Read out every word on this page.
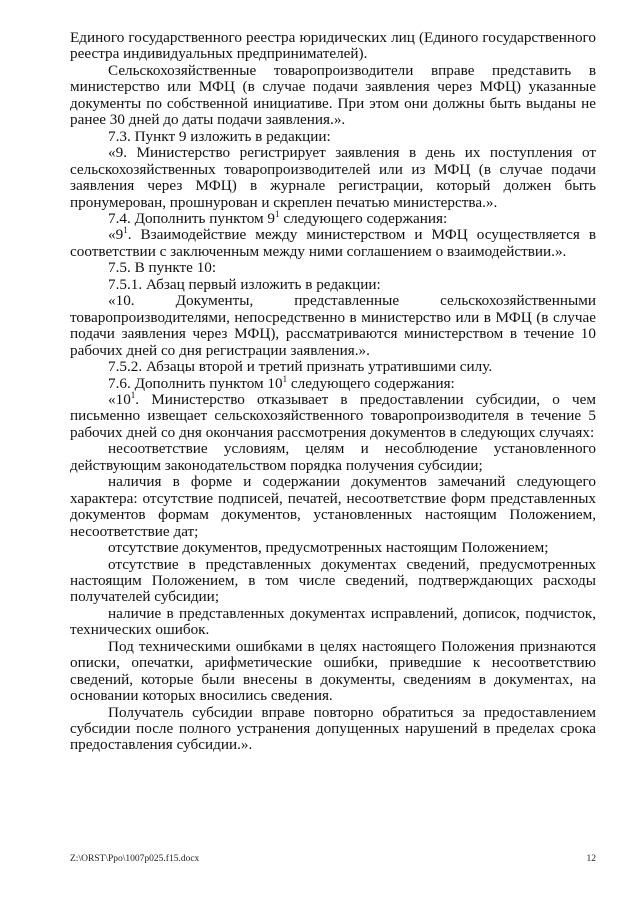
Единого государственного реестра юридических лиц (Единого государственного реестра индивидуальных предпринимателей).

Сельскохозяйственные товаропроизводители вправе представить в министерство или МФЦ (в случае подачи заявления через МФЦ) указанные документы по собственной инициативе. При этом они должны быть выданы не ранее 30 дней до даты подачи заявления.».

7.3. Пункт 9 изложить в редакции:

«9. Министерство регистрирует заявления в день их поступления от сельскохозяйственных товаропроизводителей или из МФЦ (в случае подачи заявления через МФЦ) в журнале регистрации, который должен быть пронумерован, прошнурован и скреплен печатью министерства.».

7.4. Дополнить пунктом $9^1$ следующего содержания:

«$9^1$. Взаимодействие между министерством и МФЦ осуществляется в соответствии с заключенным между ними соглашением о взаимодействии.».

7.5. В пункте 10:

7.5.1. Абзац первый изложить в редакции:

«10. Документы, представленные сельскохозяйственными товаропроизводителями, непосредственно в министерство или в МФЦ (в случае подачи заявления через МФЦ), рассматриваются министерством в течение 10 рабочих дней со дня регистрации заявления.».

7.5.2. Абзацы второй и третий признать утратившими силу.

7.6. Дополнить пунктом $10^1$ следующего содержания:

«$10^1$. Министерство отказывает в предоставлении субсидии, о чем письменно извещает сельскохозяйственного товаропроизводителя в течение 5 рабочих дней со дня окончания рассмотрения документов в следующих случаях:

несоответствие условиям, целям и несоблюдение установленного действующим законодательством порядка получения субсидии;

наличия в форме и содержании документов замечаний следующего характера: отсутствие подписей, печатей, несоответствие форм представленных документов формам документов, установленных настоящим Положением, несоответствие дат;

отсутствие документов, предусмотренных настоящим Положением;

отсутствие в представленных документах сведений, предусмотренных настоящим Положением, в том числе сведений, подтверждающих расходы получателей субсидии;

наличие в представленных документах исправлений, дописок, подчисток, технических ошибок.

Под техническими ошибками в целях настоящего Положения признаются описки, опечатки, арифметические ошибки, приведшие к несоответствию сведений, которые были внесены в документы, сведениям в документах, на основании которых вносились сведения.

Получатель субсидии вправе повторно обратиться за предоставлением субсидии после полного устранения допущенных нарушений в пределах срока предоставления субсидии.».

Z:\ORST\Ppo\1007p025.f15.docx	12
